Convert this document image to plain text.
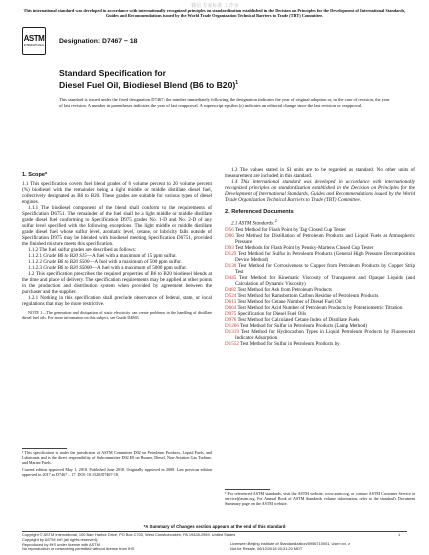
微信 专家标准 工作室
This international standard was developed in accordance with internationally recognized principles on standardization established in the Decision on Principles for the Development of International Standards, Guides and Recommendations issued by the World Trade Organization Technical Barriers to Trade (TBT) Committee.
ASTM
INTERNATIONAL
Designation: D7467 − 18
Standard Specification for
Diesel Fuel Oil, Biodiesel Blend (B6 to B20)$^1$
This standard is issued under the fixed designation D7467; the number immediately following the designation indicates the year of original adoption or, in the case of revision, the year of last revision. A number in parentheses indicates the year of last reapproval. A superscript epsilon (ε) indicates an editorial change since the last revision or reapproval.
1. Scope*

1.1 This specification covers fuel blend grades of 6 volume percent to 20 volume percent (%) biodiesel with the remainder being a light middle or middle distillate diesel fuel, collectively designated as B6 to B20. These grades are suitable for various types of diesel engines.

1.1.1 The biodiesel component of the blend shall conform to the requirements of Specification D6751. The remainder of the fuel shall be a light middle or middle distillate grade diesel fuel conforming to Specification D975 grades No. 1-D and No. 2-D of any sulfur level specified with the following exceptions. The light middle or middle distillate grade diesel fuel whose sulfur level, aromatic level, cetane, or lubricity falls outside of Specification D975 may be blended with biodiesel meeting Specification D6751, provided the finished mixture meets this specification.

1.1.2 The fuel sulfur grades are described as follows:

1.1.2.1 Grade B6 to B20 S15—A fuel with a maximum of 15 ppm sulfur.

1.1.2.2 Grade B6 to B20 S500—A fuel with a maximum of 500 ppm sulfur.

1.1.2.3 Grade B6 to B20 S5000—A fuel with a maximum of 5000 ppm sulfur.

1.2 This specification prescribes the required properties of B6 to B20 biodiesel blends at the time and place of delivery. The specification requirements may be applied at other points in the production and distribution system when provided by agreement between the purchaser and the supplier.

1.2.1 Nothing in this specification shall preclude observance of federal, state, or local regulations that may be more restrictive.

NOTE 1—The generation and dissipation of static electricity can create problems in the handling of distillate diesel fuel oils. For more information on this subject, see Guide D4865.

¹ This specification is under the jurisdiction of ASTM Committee D02 on Petroleum Products, Liquid Fuels, and Lubricants and is the direct responsibility of Subcommittee D02.E0 on Burner, Diesel, Non-Aviation Gas Turbine, and Marine Fuels.

Current edition approved May 1, 2018. Published June 2018. Originally approved in 2008. Last previous edition approved in 2017 as D7467 – 17. DOI: 10.1520/D7467-18.

1.3 The values stated in SI units are to be regarded as standard. No other units of measurement are included in this standard.

1.4 This international standard was developed in accordance with internationally recognized principles on standardization established in the Decision on Principles for the Development of International Standards, Guides and Recommendations issued by the World Trade Organization Technical Barriers to Trade (TBT) Committee.

2. Referenced Documents

2.1 ASTM Standards:$^2$

D56 Test Method for Flash Point by Tag Closed Cup Tester

D86 Test Method for Distillation of Petroleum Products and Liquid Fuels at Atmospheric Pressure

D93 Test Methods for Flash Point by Pensky-Martens Closed Cup Tester

D129 Test Method for Sulfur in Petroleum Products (General High Pressure Decomposition Device Method)

D130 Test Method for Corrosiveness to Copper from Petroleum Products by Copper Strip Test

D445 Test Method for Kinematic Viscosity of Transparent and Opaque Liquids (and Calculation of Dynamic Viscosity)

D482 Test Method for Ash from Petroleum Products

D524 Test Method for Ramsbottom Carbon Residue of Petroleum Products

D613 Test Method for Cetane Number of Diesel Fuel Oil

D664 Test Method for Acid Number of Petroleum Products by Potentiometric Titration

D975 Specification for Diesel Fuel Oils

D976 Test Method for Calculated Cetane Index of Distillate Fuels

D1266 Test Method for Sulfur in Petroleum Products (Lamp Method)

D1319 Test Method for Hydrocarbon Types in Liquid Petroleum Products by Fluorescent Indicator Adsorption

D1552 Test Method for Sulfur in Petroleum Products by

² For referenced ASTM standards, visit the ASTM website, www.astm.org, or contact ASTM Customer Service at service@astm.org. For Annual Book of ASTM Standards volume information, refer to the standard's Document Summary page on the ASTM website.

*A Summary of Changes section appears at the end of this standard
Copyright © ASTM International, 100 Barr Harbor Drive, PO Box C700, West Conshohocken, PA 19428-2959. United States	1
Copyright by ASTM Int'l (all rights reserved);
Reproduced by IHS under license with ASTM
No reproduction or networking permitted without license from IHS
Licensee=Beijing Institute of Standardization/5956710001, User=xx, z
Not for Resale, 06/12/2018 00:31:20 MDT
